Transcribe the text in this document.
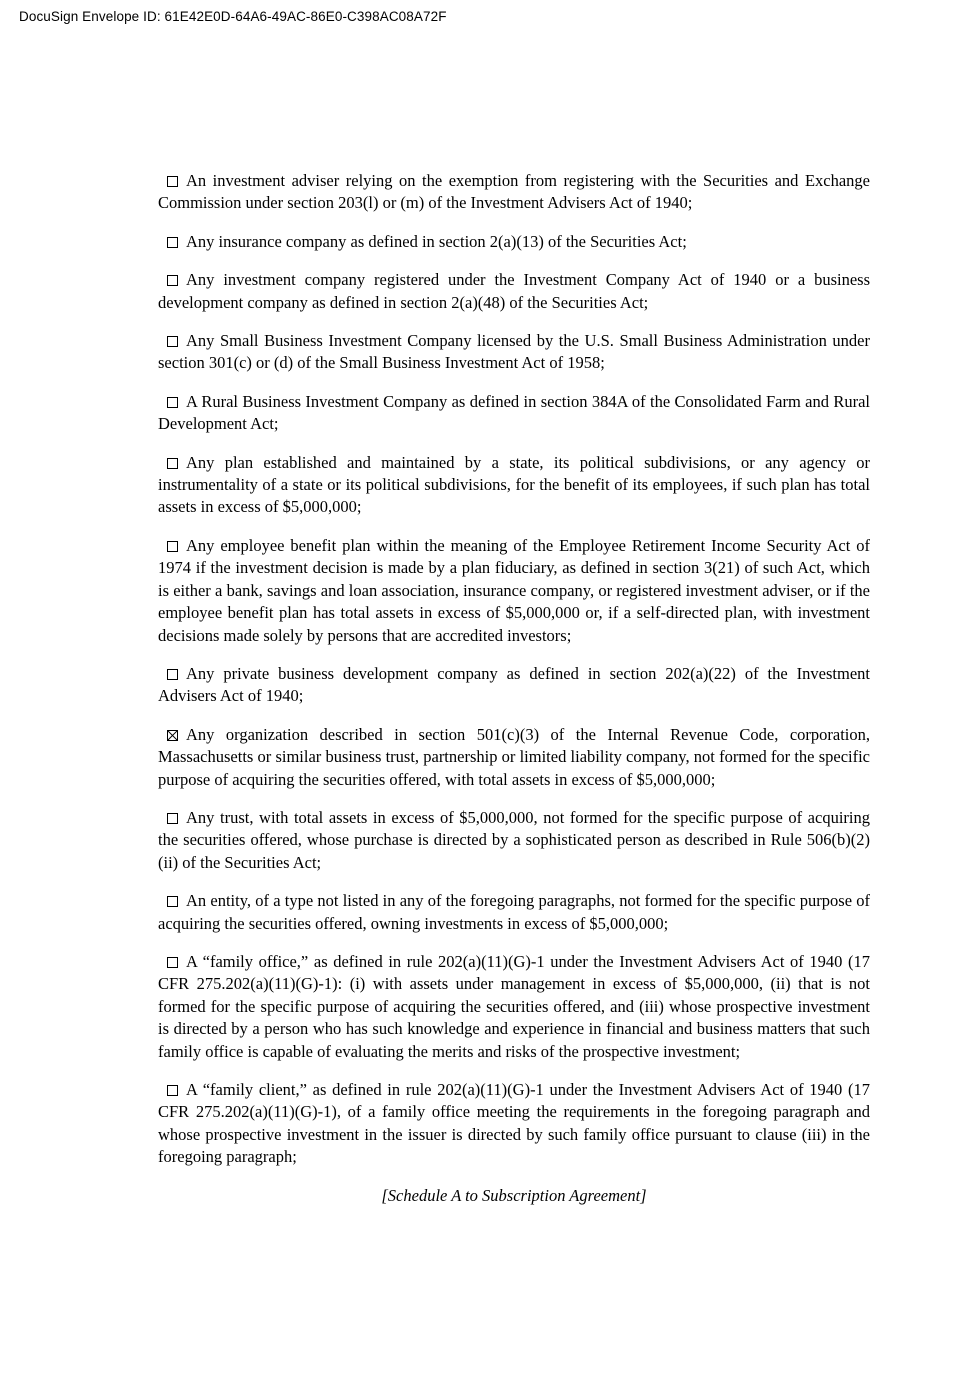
DocuSign Envelope ID: 61E42E0D-64A6-49AC-86E0-C398AC08A72F

An investment adviser relying on the exemption from registering with the Securities and Exchange Commission under section 203(l) or (m) of the Investment Advisers Act of 1940;

Any insurance company as defined in section 2(a)(13) of the Securities Act;

Any investment company registered under the Investment Company Act of 1940 or a business development company as defined in section 2(a)(48) of the Securities Act;

Any Small Business Investment Company licensed by the U.S. Small Business Administration under section 301(c) or (d) of the Small Business Investment Act of 1958;

A Rural Business Investment Company as defined in section 384A of the Consolidated Farm and Rural Development Act;

Any plan established and maintained by a state, its political subdivisions, or any agency or instrumentality of a state or its political subdivisions, for the benefit of its employees, if such plan has total assets in excess of $5,000,000;

Any employee benefit plan within the meaning of the Employee Retirement Income Security Act of 1974 if the investment decision is made by a plan fiduciary, as defined in section 3(21) of such Act, which is either a bank, savings and loan association, insurance company, or registered investment adviser, or if the employee benefit plan has total assets in excess of $5,000,000 or, if a self-directed plan, with investment decisions made solely by persons that are accredited investors;

Any private business development company as defined in section 202(a)(22) of the Investment Advisers Act of 1940;

Any organization described in section 501(c)(3) of the Internal Revenue Code, corporation, Massachusetts or similar business trust, partnership or limited liability company, not formed for the specific purpose of acquiring the securities offered, with total assets in excess of $5,000,000;

Any trust, with total assets in excess of $5,000,000, not formed for the specific purpose of acquiring the securities offered, whose purchase is directed by a sophisticated person as described in Rule 506(b)(2)(ii) of the Securities Act;

An entity, of a type not listed in any of the foregoing paragraphs, not formed for the specific purpose of acquiring the securities offered, owning investments in excess of $5,000,000;

A “family office,” as defined in rule 202(a)(11)(G)-1 under the Investment Advisers Act of 1940 (17 CFR 275.202(a)(11)(G)-1): (i) with assets under management in excess of $5,000,000, (ii) that is not formed for the specific purpose of acquiring the securities offered, and (iii) whose prospective investment is directed by a person who has such knowledge and experience in financial and business matters that such family office is capable of evaluating the merits and risks of the prospective investment;

A “family client,” as defined in rule 202(a)(11)(G)-1 under the Investment Advisers Act of 1940 (17 CFR 275.202(a)(11)(G)-1), of a family office meeting the requirements in the foregoing paragraph and whose prospective investment in the issuer is directed by such family office pursuant to clause (iii) in the foregoing paragraph;

[Schedule A to Subscription Agreement]
